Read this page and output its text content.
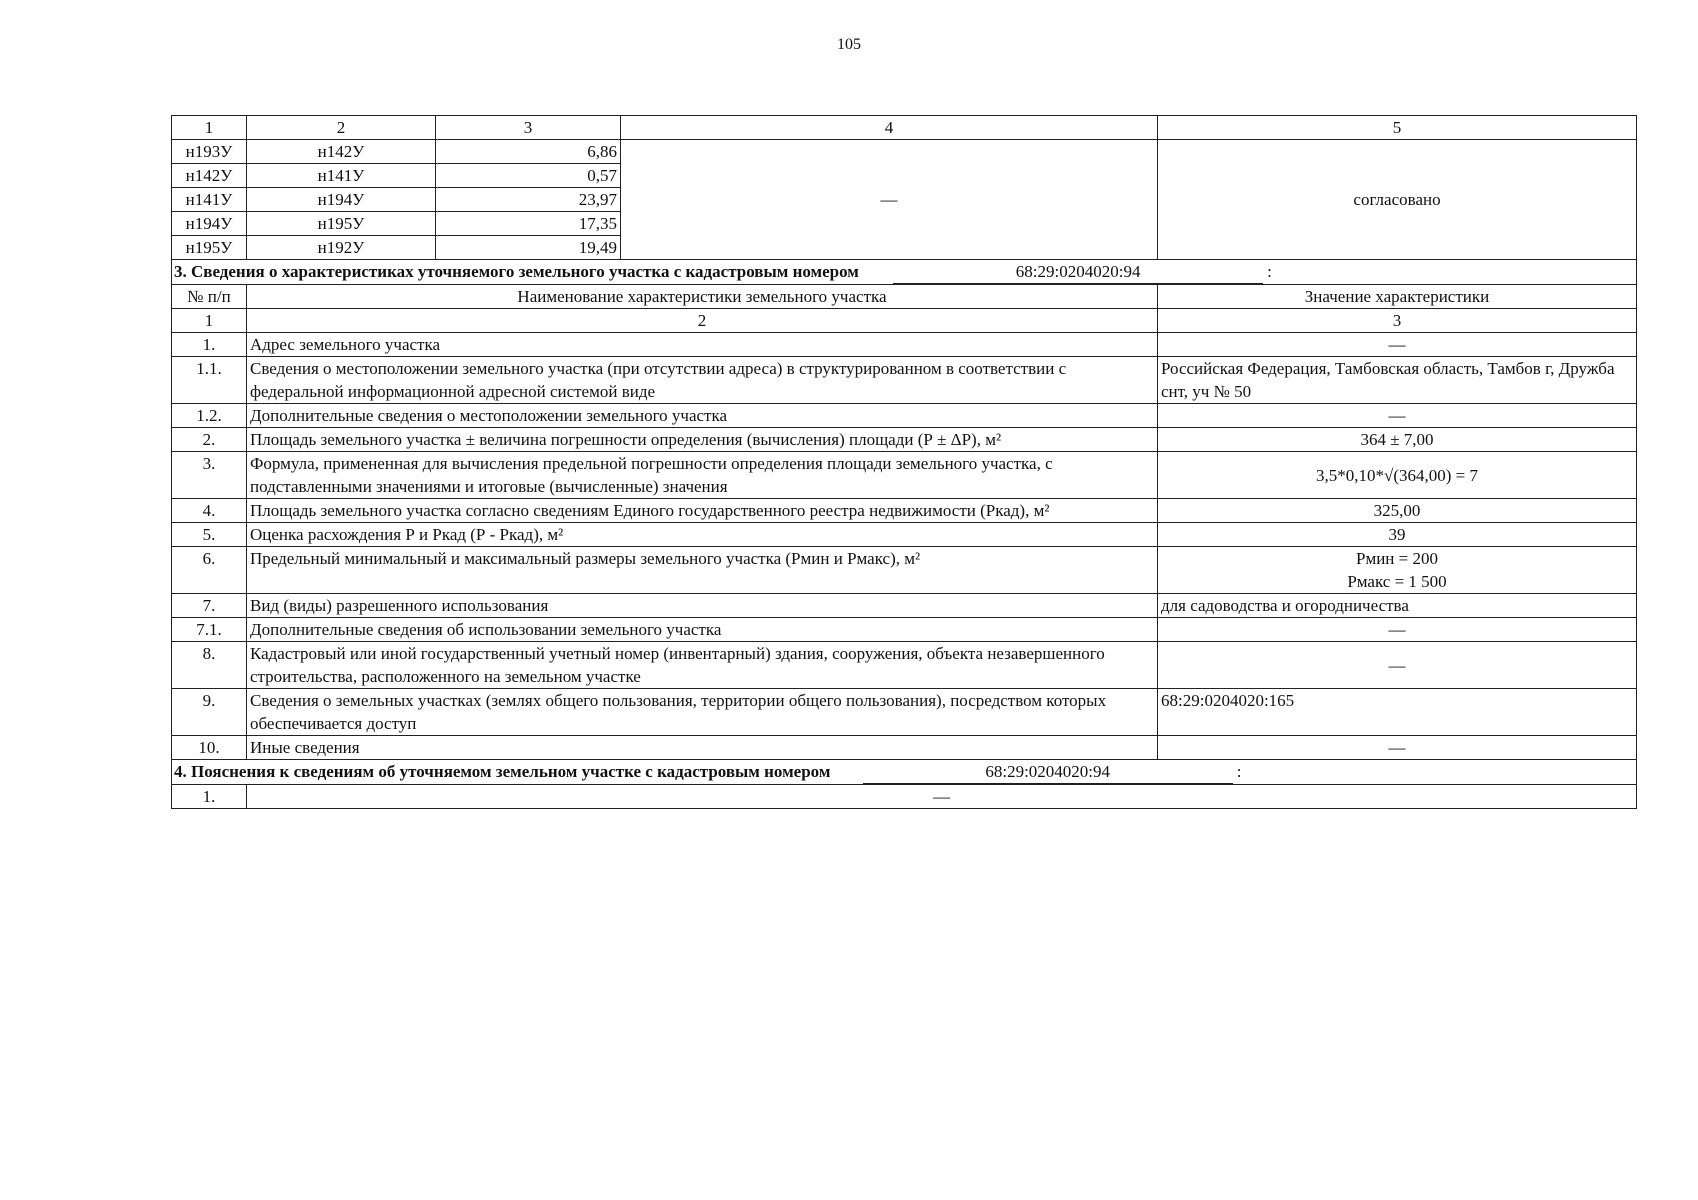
105
1	2	3	4	5
н193У	н142У	6,86	—	согласовано
н142У	н141У	0,57		
н141У	н194У	23,97		
н194У	н195У	17,35		
н195У	н192У	19,49		
3. Сведения о характеристиках уточняемого земельного участка с кадастровым номером 68:29:0204020:94 :				
№ п/п	Наименование характеристики земельного участка			Значение характеристики
1	2			3
1.	Адрес земельного участка			—
1.1.	Сведения о местоположении земельного участка (при отсутствии адреса) в структурированном в соответствии с федеральной информационной адресной системой виде			Российская Федерация, Тамбовская область, Тамбов г, Дружба снт, уч № 50
1.2.	Дополнительные сведения о местоположении земельного участка			—
2.	Площадь земельного участка ± величина погрешности определения (вычисления) площади (Р ± ΔР), м²			364 ± 7,00
3.	Формула, примененная для вычисления предельной погрешности определения площади земельного участка, с подставленными значениями и итоговые (вычисленные) значения			3,5*0,10*√(364,00) = 7
4.	Площадь земельного участка согласно сведениям Единого государственного реестра недвижимости (Ркад), м²			325,00
5.	Оценка расхождения Р и Ркад (Р - Ркад), м²			39
6.	Предельный минимальный и максимальный размеры земельного участка (Рмин и Рмакс), м²			Рмин = 200
Рмакс = 1 500

7.	Вид (виды) разрешенного использования			для садоводства и огородничества
7.1.	Дополнительные сведения об использовании земельного участка			—
8.	Кадастровый или иной государственный учетный номер (инвентарный) здания, сооружения, объекта незавершенного строительства, расположенного на земельном участке			—
9.	Сведения о земельных участках (землях общего пользования, территории общего пользования), посредством которых обеспечивается доступ			68:29:0204020:165
10.	Иные сведения			—
4. Пояснения к сведениям об уточняемом земельном участке с кадастровым номером 68:29:0204020:94 :				
1.	—			
